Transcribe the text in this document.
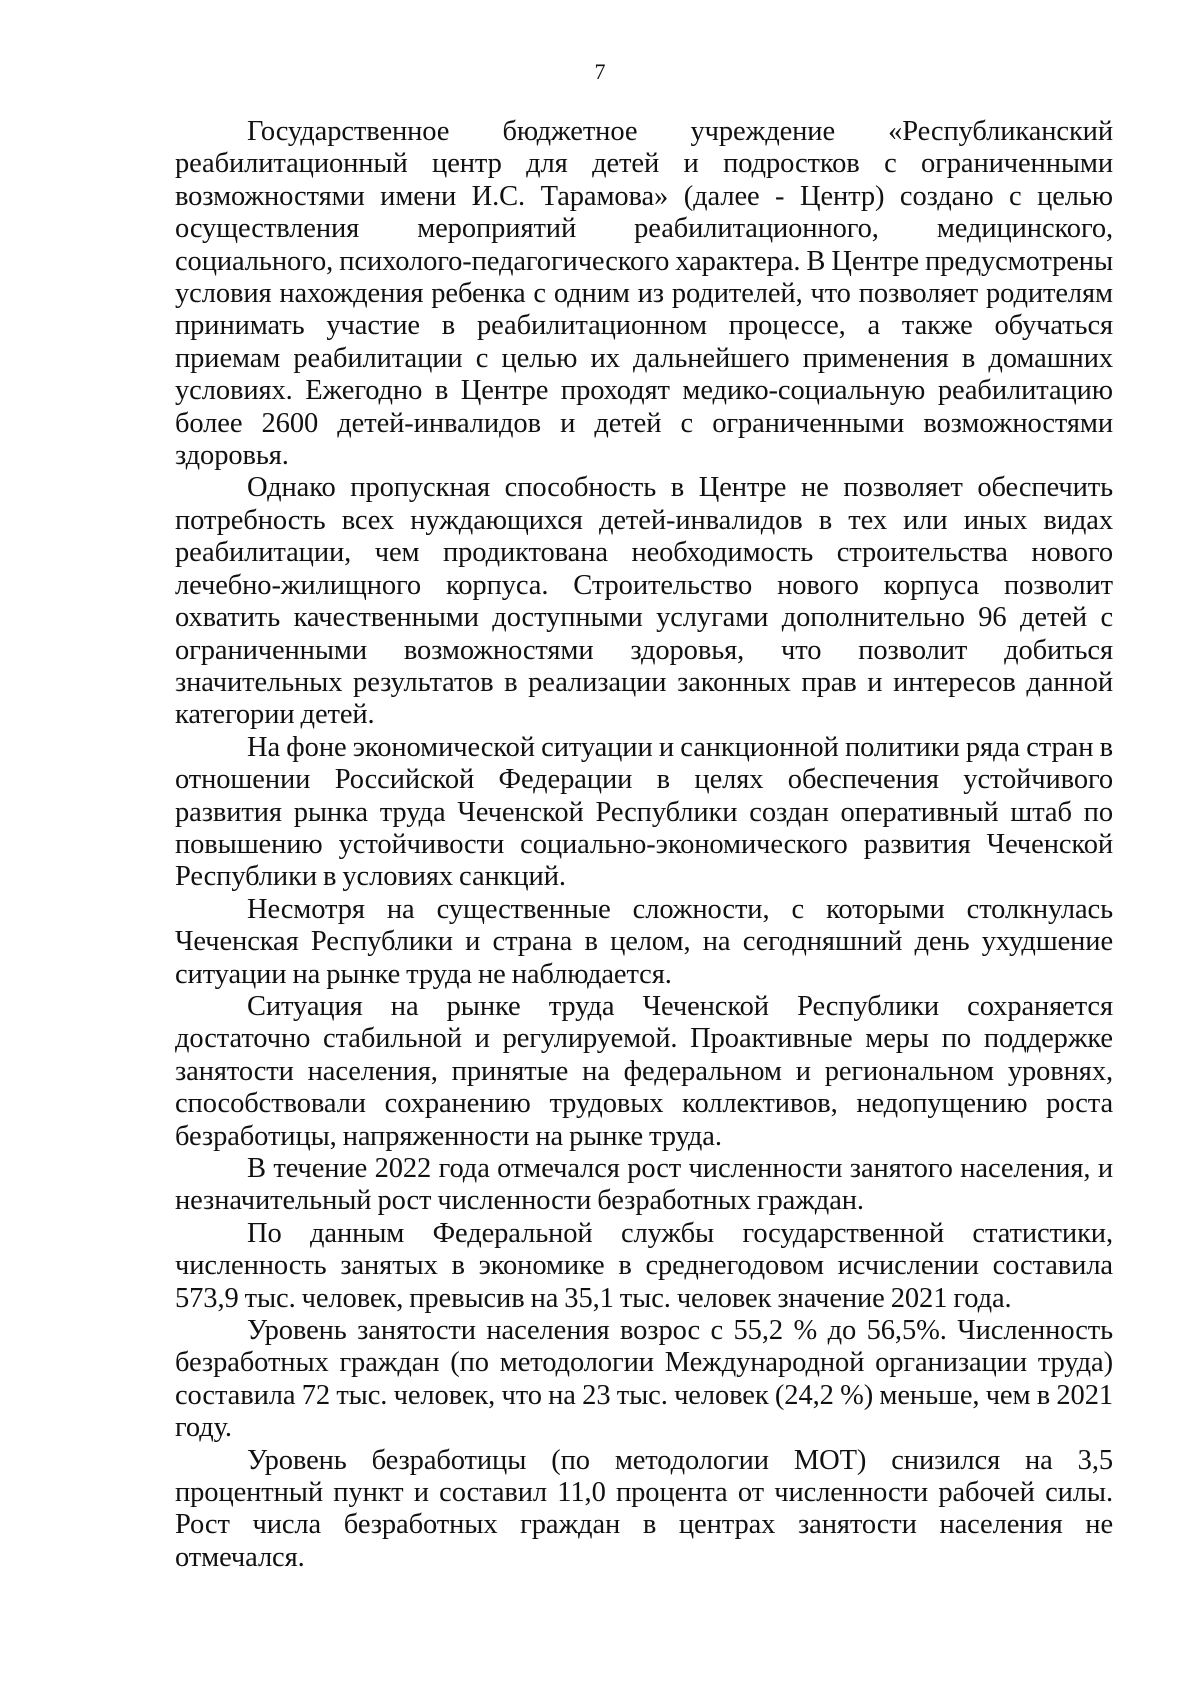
7

Государственное бюджетное учреждение «Республиканский реабилитационный центр для детей и подростков с ограниченными возможностями имени И.С. Тарамова» (далее - Центр) создано с целью осуществления мероприятий реабилитационного, медицинского, социального, психолого-педагогического характера. В Центре предусмотрены условия нахождения ребенка с одним из родителей, что позволяет родителям принимать участие в реабилитационном процессе, а также обучаться приемам реабилитации с целью их дальнейшего применения в домашних условиях. Ежегодно в Центре проходят медико-социальную реабилитацию более 2600 детей-инвалидов и детей с ограниченными возможностями здоровья.

Однако пропускная способность в Центре не позволяет обеспечить потребность всех нуждающихся детей-инвалидов в тех или иных видах реабилитации, чем продиктована необходимость строительства нового лечебно-жилищного корпуса. Строительство нового корпуса позволит охватить качественными доступными услугами дополнительно 96 детей с ограниченными возможностями здоровья, что позволит добиться значительных результатов в реализации законных прав и интересов данной категории детей.

На фоне экономической ситуации и санкционной политики ряда стран в отношении Российской Федерации в целях обеспечения устойчивого развития рынка труда Чеченской Республики создан оперативный штаб по повышению устойчивости социально-экономического развития Чеченской Республики в условиях санкций.

Несмотря на существенные сложности, с которыми столкнулась Чеченская Республики и страна в целом, на сегодняшний день ухудшение ситуации на рынке труда не наблюдается.

Ситуация на рынке труда Чеченской Республики сохраняется достаточно стабильной и регулируемой. Проактивные меры по поддержке занятости населения, принятые на федеральном и региональном уровнях, способствовали сохранению трудовых коллективов, недопущению роста безработицы, напряженности на рынке труда.

В течение 2022 года отмечался рост численности занятого населения, и незначительный рост численности безработных граждан.

По данным Федеральной службы государственной статистики, численность занятых в экономике в среднегодовом исчислении составила 573,9 тыс. человек, превысив на 35,1 тыс. человек значение 2021 года.

Уровень занятости населения возрос с 55,2 % до 56,5%. Численность безработных граждан (по методологии Международной организации труда) составила 72 тыс. человек, что на 23 тыс. человек (24,2 %) меньше, чем в 2021 году.

Уровень безработицы (по методологии МОТ) снизился на 3,5 процентный пункт и составил 11,0 процента от численности рабочей силы. Рост числа безработных граждан в центрах занятости населения не отмечался.
